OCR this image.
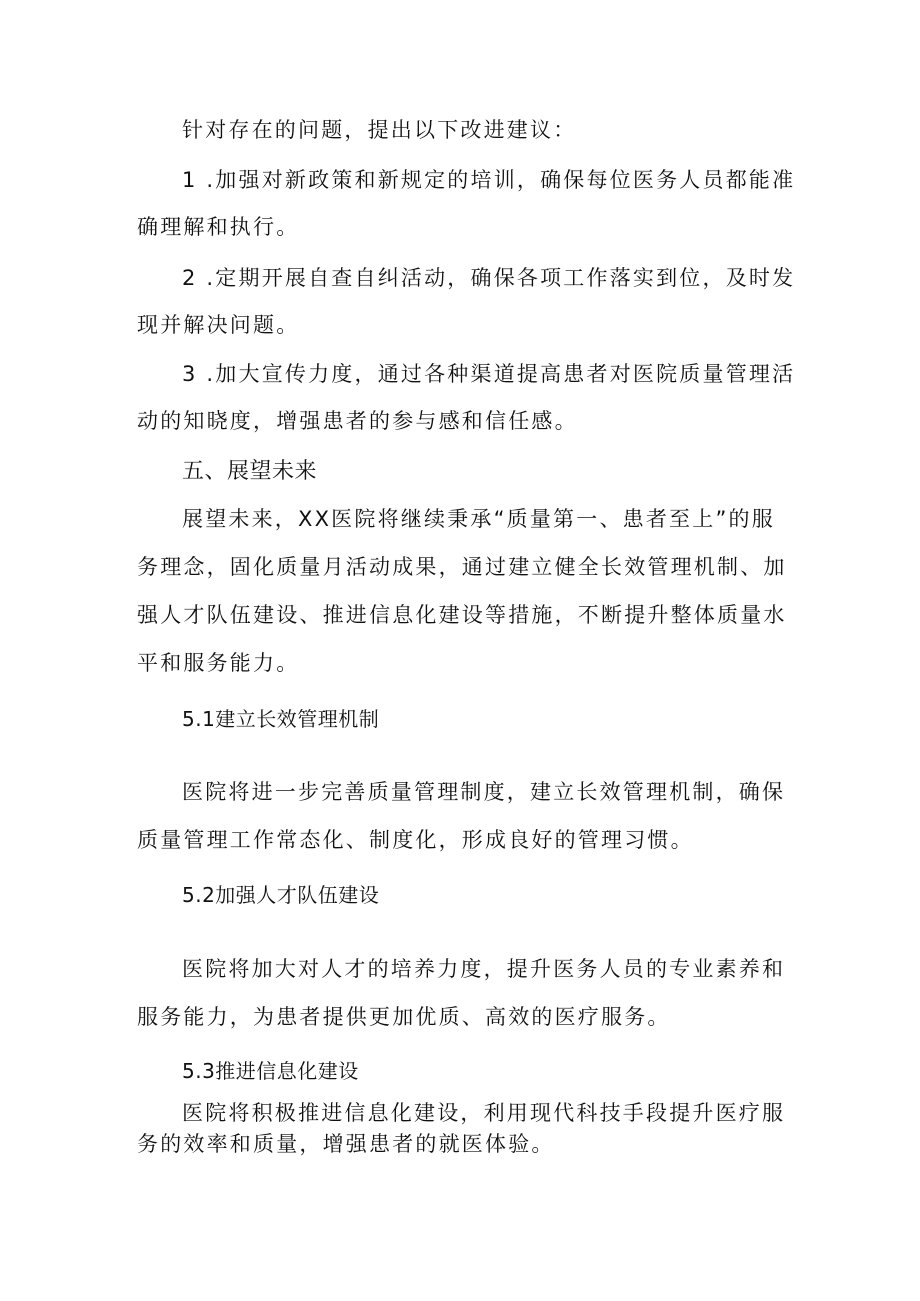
针对存在的问题，提出以下改进建议：
1 .加强对新政策和新规定的培训，确保每位医务人员都能准
确理解和执行。
2 .定期开展自查自纠活动，确保各项工作落实到位，及时发
现并解决问题。
3 .加大宣传力度，通过各种渠道提高患者对医院质量管理活
动的知晓度，增强患者的参与感和信任感。
五、展望未来
展望未来，XX医院将继续秉承“质量第一、患者至上”的服
务理念，固化质量月活动成果，通过建立健全长效管理机制、加
强人才队伍建设、推进信息化建设等措施，不断提升整体质量水
平和服务能力。
5.1建立长效管理机制
医院将进一步完善质量管理制度，建立长效管理机制，确保
质量管理工作常态化、制度化，形成良好的管理习惯。
5.2加强人才队伍建设
医院将加大对人才的培养力度，提升医务人员的专业素养和
服务能力，为患者提供更加优质、高效的医疗服务。
5.3推进信息化建设
医院将积极推进信息化建设，利用现代科技手段提升医疗服
务的效率和质量，增强患者的就医体验。
